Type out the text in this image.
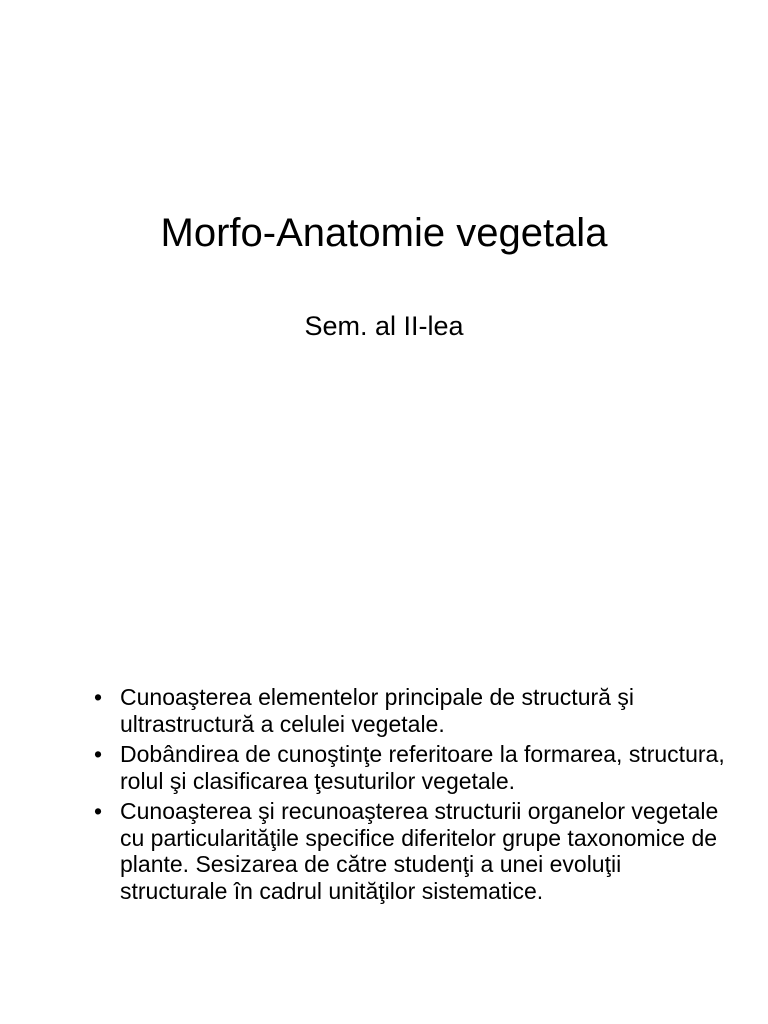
Morfo-Anatomie vegetala
Sem. al II-lea
• Cunoaşterea elementelor principale de structură şi ultrastructură a celulei vegetale.
• Dobândirea de cunoştinţe referitoare la formarea, structura, rolul şi clasificarea ţesuturilor vegetale.
• Cunoaşterea şi recunoaşterea structurii organelor vegetale cu particularităţile specifice diferitelor grupe taxonomice de plante. Sesizarea de către studenţi a unei evoluţii structurale în cadrul unităţilor sistematice.
